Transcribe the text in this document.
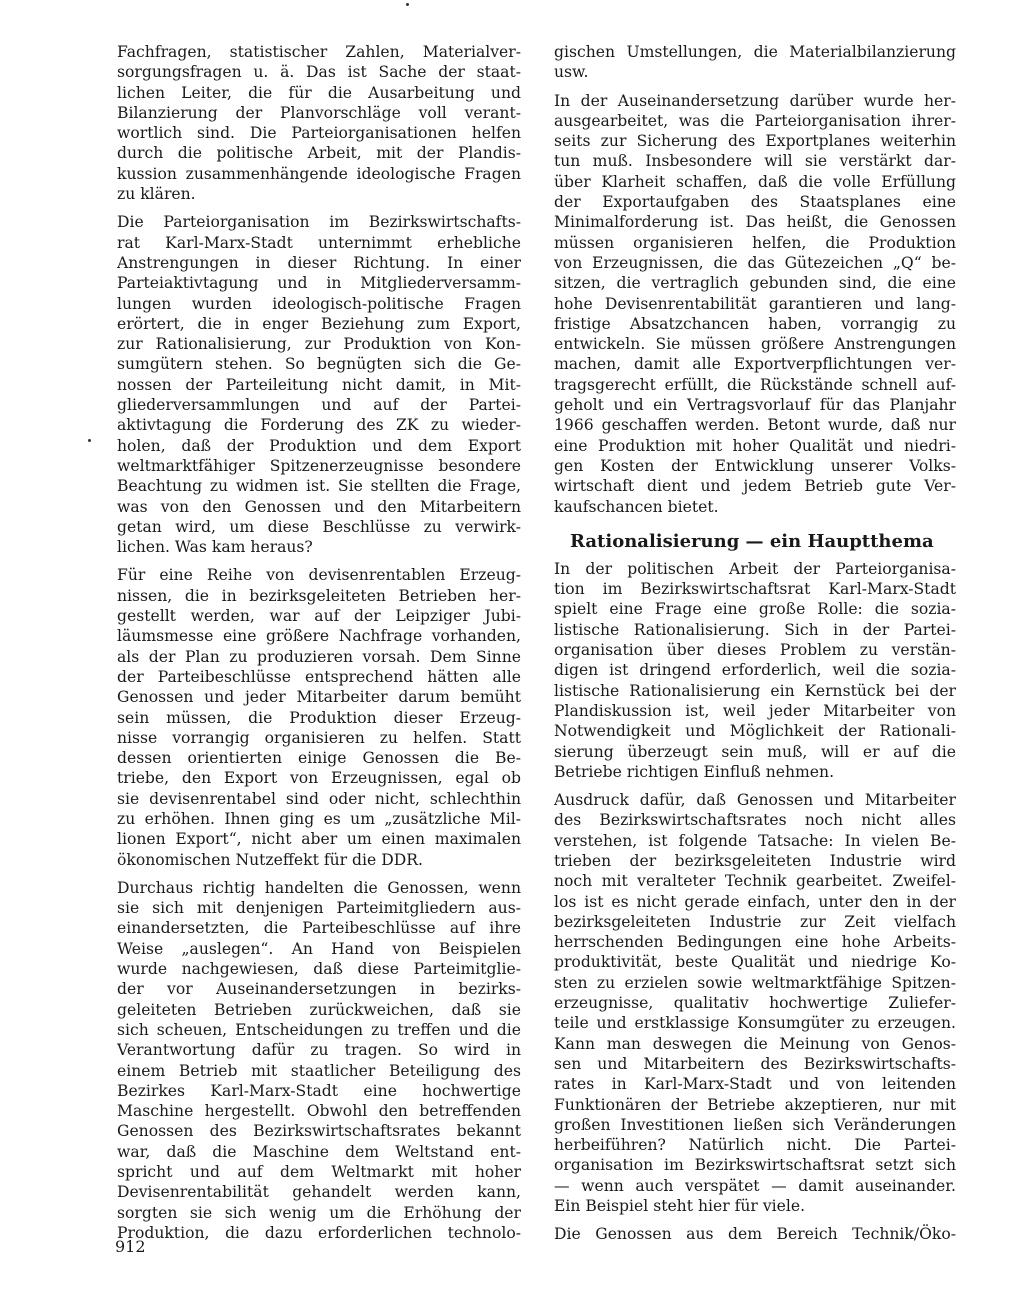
Fachfragen, statistischer Zahlen, Materialver-
sorgungsfragen u. ä. Das ist Sache der staat-
lichen Leiter, die für die Ausarbeitung und
Bilanzierung der Planvorschläge voll verant-
wortlich sind. Die Parteiorganisationen helfen
durch die politische Arbeit, mit der Plandis-
kussion zusammenhängende ideologische Fragen
zu klären.
Die Parteiorganisation im Bezirkswirtschafts-
rat Karl-Marx-Stadt unternimmt erhebliche
Anstrengungen in dieser Richtung. In einer
Parteiaktivtagung und in Mitgliederversamm-
lungen wurden ideologisch-politische Fragen
erörtert, die in enger Beziehung zum Export,
zur Rationalisierung, zur Produktion von Kon-
sumgütern stehen. So begnügten sich die Ge-
nossen der Parteileitung nicht damit, in Mit-
gliederversammlungen und auf der Partei-
aktivtagung die Forderung des ZK zu wieder-
holen, daß der Produktion und dem Export
weltmarktfähiger Spitzenerzeugnisse besondere
Beachtung zu widmen ist. Sie stellten die Frage,
was von den Genossen und den Mitarbeitern
getan wird, um diese Beschlüsse zu verwirk-
lichen. Was kam heraus?
Für eine Reihe von devisenrentablen Erzeug-
nissen, die in bezirksgeleiteten Betrieben her-
gestellt werden, war auf der Leipziger Jubi-
läumsmesse eine größere Nachfrage vorhanden,
als der Plan zu produzieren vorsah. Dem Sinne
der Parteibeschlüsse entsprechend hätten alle
Genossen und jeder Mitarbeiter darum bemüht
sein müssen, die Produktion dieser Erzeug-
nisse vorrangig organisieren zu helfen. Statt
dessen orientierten einige Genossen die Be-
triebe, den Export von Erzeugnissen, egal ob
sie devisenrentabel sind oder nicht, schlechthin
zu erhöhen. Ihnen ging es um „zusätzliche Mil-
lionen Export“, nicht aber um einen maximalen
ökonomischen Nutzeffekt für die DDR.
Durchaus richtig handelten die Genossen, wenn
sie sich mit denjenigen Parteimitgliedern aus-
einandersetzten, die Parteibeschlüsse auf ihre
Weise „auslegen“. An Hand von Beispielen
wurde nachgewiesen, daß diese Parteimitglie-
der vor Auseinandersetzungen in bezirks-
geleiteten Betrieben zurückweichen, daß sie
sich scheuen, Entscheidungen zu treffen und die
Verantwortung dafür zu tragen. So wird in
einem Betrieb mit staatlicher Beteiligung des
Bezirkes Karl-Marx-Stadt eine hochwertige
Maschine hergestellt. Obwohl den betreffenden
Genossen des Bezirkswirtschaftsrates bekannt
war, daß die Maschine dem Weltstand ent-
spricht und auf dem Weltmarkt mit hoher
Devisenrentabilität gehandelt werden kann,
sorgten sie sich wenig um die Erhöhung der
Produktion, die dazu erforderlichen technolo-
gischen Umstellungen, die Materialbilanzierung
usw.
In der Auseinandersetzung darüber wurde her-
ausgearbeitet, was die Parteiorganisation ihrer-
seits zur Sicherung des Exportplanes weiterhin
tun muß. Insbesondere will sie verstärkt dar-
über Klarheit schaffen, daß die volle Erfüllung
der Exportaufgaben des Staatsplanes eine
Minimalforderung ist. Das heißt, die Genossen
müssen organisieren helfen, die Produktion
von Erzeugnissen, die das Gütezeichen „Q“ be-
sitzen, die vertraglich gebunden sind, die eine
hohe Devisenrentabilität garantieren und lang-
fristige Absatzchancen haben, vorrangig zu
entwickeln. Sie müssen größere Anstrengungen
machen, damit alle Exportverpflichtungen ver-
tragsgerecht erfüllt, die Rückstände schnell auf-
geholt und ein Vertragsvorlauf für das Planjahr
1966 geschaffen werden. Betont wurde, daß nur
eine Produktion mit hoher Qualität und niedri-
gen Kosten der Entwicklung unserer Volks-
wirtschaft dient und jedem Betrieb gute Ver-
kaufschancen bietet.
Rationalisierung — ein Hauptthema
In der politischen Arbeit der Parteiorganisa-
tion im Bezirkswirtschaftsrat Karl-Marx-Stadt
spielt eine Frage eine große Rolle: die sozia-
listische Rationalisierung. Sich in der Partei-
organisation über dieses Problem zu verstän-
digen ist dringend erforderlich, weil die sozia-
listische Rationalisierung ein Kernstück bei der
Plandiskussion ist, weil jeder Mitarbeiter von
Notwendigkeit und Möglichkeit der Rationali-
sierung überzeugt sein muß, will er auf die
Betriebe richtigen Einfluß nehmen.
Ausdruck dafür, daß Genossen und Mitarbeiter
des Bezirkswirtschaftsrates noch nicht alles
verstehen, ist folgende Tatsache: In vielen Be-
trieben der bezirksgeleiteten Industrie wird
noch mit veralteter Technik gearbeitet. Zweifel-
los ist es nicht gerade einfach, unter den in der
bezirksgeleiteten Industrie zur Zeit vielfach
herrschenden Bedingungen eine hohe Arbeits-
produktivität, beste Qualität und niedrige Ko-
sten zu erzielen sowie weltmarktfähige Spitzen-
erzeugnisse, qualitativ hochwertige Zuliefer-
teile und erstklassige Konsumgüter zu erzeugen.
Kann man deswegen die Meinung von Genos-
sen und Mitarbeitern des Bezirkswirtschafts-
rates in Karl-Marx-Stadt und von leitenden
Funktionären der Betriebe akzeptieren, nur mit
großen Investitionen ließen sich Veränderungen
herbeiführen? Natürlich nicht. Die Partei-
organisation im Bezirkswirtschaftsrat setzt sich
— wenn auch verspätet — damit auseinander.
Ein Beispiel steht hier für viele.
Die Genossen aus dem Bereich Technik/Öko-
912
